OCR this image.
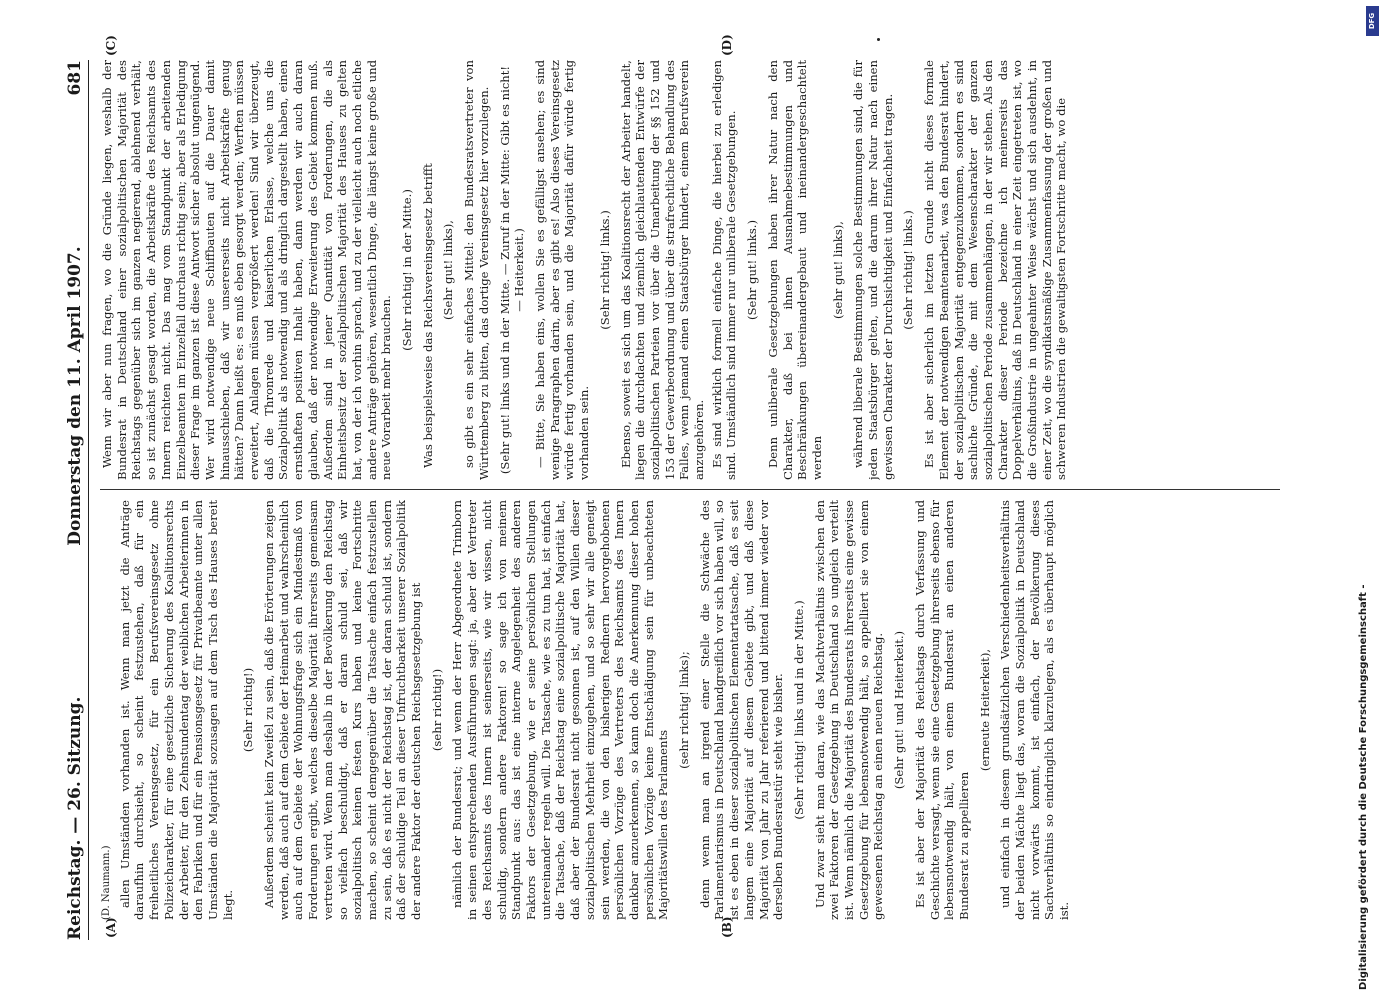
Reichstag. — 26. Sitzung.
Donnerstag den 11. April 1907.
681
(A)	(B)
(C)	(D)

(D. Naumann.) allen Umständen vorhanden ist. Wenn man jetzt die Anträge daraufhin durchsieht, so scheint festzustehen, daß für ein freiheitliches Vereinsgesetz, für ein Berufsvereinsgesetz ohne Polizeicharakter, für eine gesetzliche Sicherung des Koalitionsrechts der Arbeiter, für den Zehnstundentag der weiblichen Arbeiterinnen in den Fabriken und für ein Pensionsgesetz für Privatbeamte unter allen Umständen die Majorität sozusagen auf dem Tisch des Hauses bereit liegt.

(Sehr richtig!) Außerdem scheint kein Zweifel zu sein, daß die Erörterungen zeigen werden, daß auch auf dem Gebiete der Heimarbeit und wahrscheinlich auch auf dem Gebiete der Wohnungsfrage sich ein Mindestmaß von Forderungen ergibt, welches dieselbe Majorität ihrerseits gemeinsam vertreten wird. Wenn man deshalb in der Bevölkerung den Reichstag so vielfach beschuldigt, daß er daran schuld sei, daß wir sozialpolitisch keinen festen Kurs haben und keine Fortschritte machen, so scheint demgegenüber die Tatsache einfach festzustellen zu sein, daß es nicht der Reichstag ist, der daran schuld ist, sondern daß der schuldige Teil an dieser Unfruchtbarkeit unserer Sozialpolitik der andere Faktor der deutschen Reichsgesetzgebung ist (sehr richtig!) nämlich der Bundesrat; und wenn der Herr Abgeordnete Trimborn in seinen entsprechenden Ausführungen sagt: ja, aber der Vertreter des Reichsamts des Innern ist seinerseits, wie wir wissen, nicht schuldig, sondern andere Faktoren! so sage ich von meinem Standpunkt aus: das ist eine interne Angelegenheit des anderen Faktors der Gesetzgebung, wie er seine persönlichen Stellungen untereinander regeln will. Die Tatsache, wie es zu tun hat, ist einfach die Tatsache, daß der Reichstag eine sozialpolitische Majorität hat, daß aber der Bundesrat nicht gesonnen ist, auf den Willen dieser sozialpolitischen Mehrheit einzugehen, und so sehr wir alle geneigt sein werden, die von den bisherigen Rednern hervorgehobenen persönlichen Vorzüge des Vertreters des Reichsamts des Innern dankbar anzuerkennen, so kann doch die Anerkennung dieser hohen persönlichen Vorzüge keine Entschädigung sein für unbeachteten Majoritätswillen des Parlaments

(sehr richtig! links); denn wenn man an irgend einer Stelle die Schwäche des Parlamentarismus in Deutschland handgreiflich vor sich haben will, so ist es eben in dieser sozialpolitischen Elementartatsache, daß es seit langem eine Majorität auf diesem Gebiete gibt, und daß diese Majorität von Jahr zu Jahr referierend und bittend immer wieder vor derselben Bundesratstür steht wie bisher. (Sehr richtig! links und in der Mitte.) Und zwar sieht man daran, wie das Machtverhältnis zwischen den zwei Faktoren der Gesetzgebung in Deutschland so ungleich verteilt ist. Wenn nämlich die Majorität des Bundesrats ihrerseits eine gewisse Gesetzgebung für lebensnotwendig hält, so appelliert sie von einem gewesenen Reichstag an einen neuen Reichstag. (Sehr gut! und Heiterkeit.) Es ist aber der Majorität des Reichstags durch Verfassung und Geschichte versagt, wenn sie eine Gesetzgebung ihrerseits ebenso für lebensnotwendig hält, von einem Bundesrat an einen anderen Bundesrat zu appellieren

(erneute Heiterkeit), und einfach in diesem grundsätzlichen Verschiedenheitsverhältnis der beiden Mächte liegt das, woran die Sozialpolitik in Deutschland nicht vorwärts kommt, ist einfach, der Bevölkerung dieses Sachverhältnis so eindringlich klarzulegen, als es überhaupt möglich ist.

Wenn wir aber nun fragen, wo die Gründe liegen, weshalb der Bundesrat in Deutschland einer sozialpolitischen Majorität des Reichstags gegenüber sich im ganzen negierend, ablehnend verhält, so ist zunächst gesagt worden, die Arbeitskräfte des Reichsamts des Innern reichten nicht. Das mag vom Standpunkt der arbeitenden Einzelbeamten im Einzelfall durchaus richtig sein; aber als Erledigung dieser Frage im ganzen ist diese Antwort sicher absolut ungenügend. Wer wird notwendige neue Schiffbauten auf die Dauer damit hinausschieben, daß wir unsererseits nicht Arbeitskräfte genug hätten? Dann heißt es: es muß eben gesorgt werden; Werften müssen erweitert, Anlagen müssen vergrößert werden! Sind wir überzeugt, daß die Thronrede und kaiserlichen Erlasse, welche uns die Sozialpolitik als notwendig und als dringlich dargestellt haben, einen ernsthaften positiven Inhalt haben, dann werden wir auch daran glauben, daß der notwendige Erweiterung des Gebiet kommen muß. Außerdem sind in jener Quantität von Forderungen, die als Einheitsbesitz der sozialpolitischen Majorität des Hauses zu gelten hat, von der ich vorhin sprach, und zu der vielleicht auch noch etliche andere Anträge gehören, wesentlich Dinge, die längst keine große und neue Vorarbeit mehr brauchen.

(Sehr richtig! in der Mitte.) Was beispielsweise das Reichsvereinsgesetz betrifft (Sehr gut! links), so gibt es ein sehr einfaches Mittel: den Bundesratsvertreter von Württemberg zu bitten, das dortige Vereinsgesetz hier vorzulegen. (Sehr gut! links und in der Mitte. — Zuruf in der Mitte: Gibt es nicht! — Heiterkeit.) — Bitte, Sie haben eins, wollen Sie es gefälligst ansehen; es sind wenige Paragraphen darin, aber es gibt es! Also dieses Vereinsgesetz würde fertig vorhanden sein, und die Majorität dafür würde fertig vorhanden sein.

(Sehr richtig! links.) Ebenso, soweit es sich um das Koalitionsrecht der Arbeiter handelt, liegen die durchdachten und ziemlich gleichlautenden Entwürfe der sozialpolitischen Parteien vor über die Umarbeitung der §§ 152 und 153 der Gewerbeordnung und über die strafrechtliche Behandlung des Falles, wenn jemand einen Staatsbürger hindert, einem Berufsverein anzugehören. Es sind wirklich formell einfache Dinge, die hierbei zu erledigen sind. Umständlich sind immer nur unliberale Gesetzgebungen. (Sehr gut! links.) Denn unliberale Gesetzgebungen haben ihrer Natur nach den Charakter, daß bei ihnen Ausnahmebestimmungen und Beschränkungen übereinandergebaut und ineinandergeschachtelt werden

(sehr gut! links), während liberale Bestimmungen solche Bestimmungen sind, die für jeden Staatsbürger gelten, und die darum ihrer Natur nach einen gewissen Charakter der Durchsichtigkeit und Einfachheit tragen. (Sehr richtig! links.) Es ist aber sicherlich im letzten Grunde nicht dieses formale Element der notwendigen Beamtenarbeit, was den Bundesrat hindert, der sozialpolitischen Majorität entgegenzukommen, sondern es sind sachliche Gründe, die mit dem Wesenscharakter der ganzen sozialpolitischen Periode zusammenhängen, in der wir stehen. Als den Charakter dieser Periode bezeichne ich meinerseits das Doppelverhältnis, daß in Deutschland in einer Zeit eingetreten ist, wo die Großindustrie in ungeahnter Weise wächst und sich ausdehnt, in einer Zeit, wo die syndikatsmäßige Zusammenfassung der großen und schweren Industrien die gewaltigsten Fortschritte macht, wo die

Digitalisierung gefördert durch die Deutsche Forschungsgemeinschaft -
DFG
